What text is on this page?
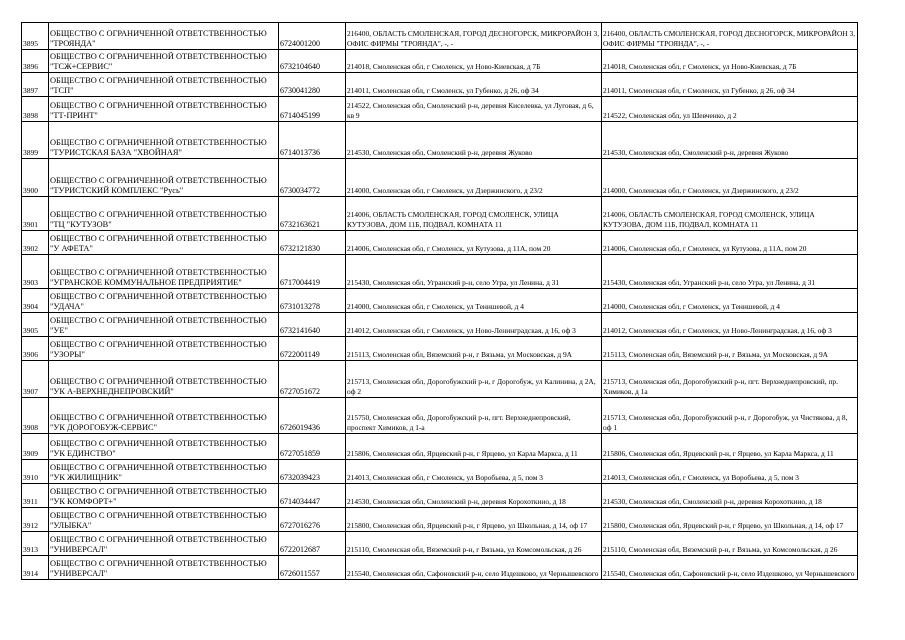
3895	ОБЩЕСТВО С ОГРАНИЧЕННОЙ ОТВЕТСТВЕННОСТЬЮ "ТРОЯНДА"	6724001200	216400, ОБЛАСТЬ СМОЛЕНСКАЯ, ГОРОД ДЕСНОГОРСК, МИКРОРАЙОН 3, ОФИС ФИРМЫ "ТРОЯНДА", -, -	216400, ОБЛАСТЬ СМОЛЕНСКАЯ, ГОРОД ДЕСНОГОРСК, МИКРОРАЙОН 3, ОФИС ФИРМЫ "ТРОЯНДА", -, -
3896	ОБЩЕСТВО С ОГРАНИЧЕННОЙ ОТВЕТСТВЕННОСТЬЮ "ТСЖ+СЕРВИС"	6732104640	214018, Смоленская обл, г Смоленск, ул Ново-Киевская, д 7Б	214018, Смоленская обл, г Смоленск, ул Ново-Киевская, д 7Б
3897	ОБЩЕСТВО С ОГРАНИЧЕННОЙ ОТВЕТСТВЕННОСТЬЮ "ТСП"	6730041280	214011, Смоленская обл, г Смоленск, ул Губенко, д 26, оф 34	214011, Смоленская обл, г Смоленск, ул Губенко, д 26, оф 34
3898	ОБЩЕСТВО С ОГРАНИЧЕННОЙ ОТВЕТСТВЕННОСТЬЮ "ТТ-ПРИНТ"	6714045199	214522, Смоленская обл, Смоленский р-н, деревня Киселевка, ул Луговая, д 6, кв 9	214522, Смоленская обл, ул Шевченко, д 2
3899	ОБЩЕСТВО С ОГРАНИЧЕННОЙ ОТВЕТСТВЕННОСТЬЮ "ТУРИСТСКАЯ БАЗА "ХВОЙНАЯ"	6714013736	214530, Смоленская обл, Смоленский р-н, деревня Жуково	214530, Смоленская обл, Смоленский р-н, деревня Жуково
3900	ОБЩЕСТВО С ОГРАНИЧЕННОЙ ОТВЕТСТВЕННОСТЬЮ "ТУРИСТСКИЙ КОМПЛЕКС "Русь"	6730034772	214000, Смоленская обл, г Смоленск, ул Дзержинского, д 23/2	214000, Смоленская обл, г Смоленск, ул Дзержинского, д 23/2
3901	ОБЩЕСТВО С ОГРАНИЧЕННОЙ ОТВЕТСТВЕННОСТЬЮ "ТЦ "КУТУЗОВ"	6732163621	214006, ОБЛАСТЬ СМОЛЕНСКАЯ, ГОРОД СМОЛЕНСК, УЛИЦА КУТУЗОВА, ДОМ 11Б, ПОДВАЛ, КОМНАТА 11	214006, ОБЛАСТЬ СМОЛЕНСКАЯ, ГОРОД СМОЛЕНСК, УЛИЦА КУТУЗОВА, ДОМ 11Б, ПОДВАЛ, КОМНАТА 11
3902	ОБЩЕСТВО С ОГРАНИЧЕННОЙ ОТВЕТСТВЕННОСТЬЮ "У АФЕТА"	6732121830	214006, Смоленская обл, г Смоленск, ул Кутузова, д 11А, пом 20	214006, Смоленская обл, г Смоленск, ул Кутузова, д 11А, пом 20
3903	ОБЩЕСТВО С ОГРАНИЧЕННОЙ ОТВЕТСТВЕННОСТЬЮ "УГРАНСКОЕ КОММУНАЛЬНОЕ ПРЕДПРИЯТИЕ"	6717004419	215430, Смоленская обл, Угранский р-н, село Угра, ул Ленина, д 31	215430, Смоленская обл, Угранский р-н, село Угра, ул Ленина, д 31
3904	ОБЩЕСТВО С ОГРАНИЧЕННОЙ ОТВЕТСТВЕННОСТЬЮ "УДАЧА"	6731013278	214000, Смоленская обл, г Смоленск, ул Тенишевой, д 4	214000, Смоленская обл, г Смоленск, ул Тенишевой, д 4
3905	ОБЩЕСТВО С ОГРАНИЧЕННОЙ ОТВЕТСТВЕННОСТЬЮ "УЕ"	6732141640	214012, Смоленская обл, г Смоленск, ул Ново-Ленинградская, д 16, оф 3	214012, Смоленская обл, г Смоленск, ул Ново-Ленинградская, д 16, оф 3
3906	ОБЩЕСТВО С ОГРАНИЧЕННОЙ ОТВЕТСТВЕННОСТЬЮ "УЗОРЫ"	6722001149	215113, Смоленская обл, Вяземский р-н, г Вязьма, ул Московская, д 9А	215113, Смоленская обл, Вяземский р-н, г Вязьма, ул Московская, д 9А
3907	ОБЩЕСТВО С ОГРАНИЧЕННОЙ ОТВЕТСТВЕННОСТЬЮ "УК А-ВЕРХНЕДНЕПРОВСКИЙ"	6727051672	215713, Смоленская обл, Дорогобужский р-н, г Дорогобуж, ул Калинина, д 2А, оф 2	215713, Смоленская обл, Дорогобужский р-н, пгт. Верхнеднепровский, пр. Химиков, д 1а
3908	ОБЩЕСТВО С ОГРАНИЧЕННОЙ ОТВЕТСТВЕННОСТЬЮ "УК ДОРОГОБУЖ-СЕРВИС"	6726019436	215750, Смоленская обл, Дорогобужский р-н, пгт. Верхнеднепровский, проспект Химиков, д 1-а	215713, Смоленская обл, Дорогобужский р-н, г Дорогобуж, ул Чистякова, д 8, оф 1
3909	ОБЩЕСТВО С ОГРАНИЧЕННОЙ ОТВЕТСТВЕННОСТЬЮ "УК ЕДИНСТВО"	6727051859	215806, Смоленская обл, Ярцевский р-н, г Ярцево, ул Карла Маркса, д 11	215806, Смоленская обл, Ярцевский р-н, г Ярцево, ул Карла Маркса, д 11
3910	ОБЩЕСТВО С ОГРАНИЧЕННОЙ ОТВЕТСТВЕННОСТЬЮ "УК ЖИЛИЩНИК"	6732039423	214013, Смоленская обл, г Смоленск, ул Воробьева, д 5, пом 3	214013, Смоленская обл, г Смоленск, ул Воробьева, д 5, пом 3
3911	ОБЩЕСТВО С ОГРАНИЧЕННОЙ ОТВЕТСТВЕННОСТЬЮ "УК КОМФОРТ+"	6714034447	214530, Смоленская обл, Смоленский р-н, деревня Корохоткино, д 18	214530, Смоленская обл, Смоленский р-н, деревня Корохоткино, д 18
3912	ОБЩЕСТВО С ОГРАНИЧЕННОЙ ОТВЕТСТВЕННОСТЬЮ "УЛЫБКА"	6727016276	215800, Смоленская обл, Ярцевский р-н, г Ярцево, ул Школьная, д 14, оф 17	215800, Смоленская обл, Ярцевский р-н, г Ярцево, ул Школьная, д 14, оф 17
3913	ОБЩЕСТВО С ОГРАНИЧЕННОЙ ОТВЕТСТВЕННОСТЬЮ "УНИВЕРСАЛ"	6722012687	215110, Смоленская обл, Вяземский р-н, г Вязьма, ул Комсомольская, д 26	215110, Смоленская обл, Вяземский р-н, г Вязьма, ул Комсомольская, д 26
3914	ОБЩЕСТВО С ОГРАНИЧЕННОЙ ОТВЕТСТВЕННОСТЬЮ "УНИВЕРСАЛ"	6726011557	215540, Смоленская обл, Сафоновский р-н, село Издешково, ул Чернышевского	215540, Смоленская обл, Сафоновский р-н, село Издешково, ул Чернышевского
